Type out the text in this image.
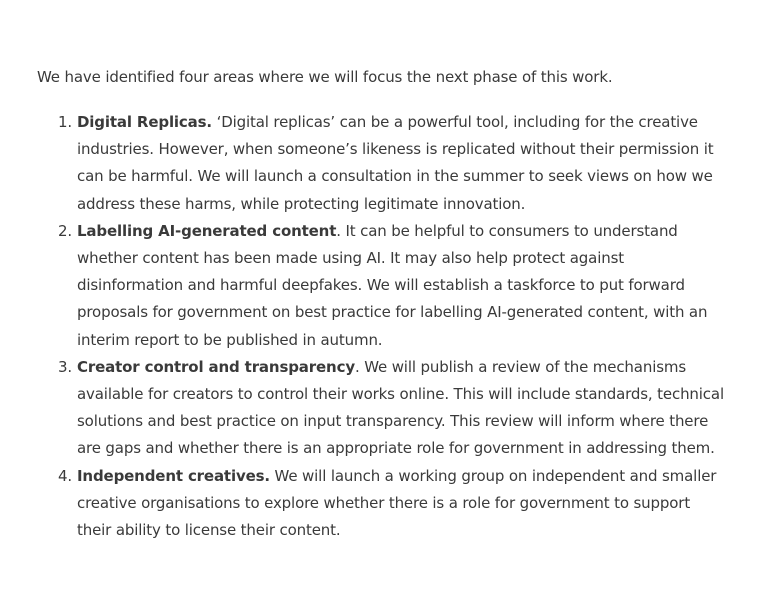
We have identified four areas where we will focus the next phase of this work.

1. Digital Replicas. ‘Digital replicas’ can be a powerful tool, including for the creative industries. However, when someone’s likeness is replicated without their permission it can be harmful. We will launch a consultation in the summer to seek views on how we address these harms, while protecting legitimate innovation.
2. Labelling AI-generated content. It can be helpful to consumers to understand whether content has been made using AI. It may also help protect against disinformation and harmful deepfakes. We will establish a taskforce to put forward proposals for government on best practice for labelling AI-generated content, with an interim report to be published in autumn.
3. Creator control and transparency. We will publish a review of the mechanisms available for creators to control their works online. This will include standards, technical solutions and best practice on input transparency. This review will inform where there are gaps and whether there is an appropriate role for government in addressing them.
4. Independent creatives. We will launch a working group on independent and smaller creative organisations to explore whether there is a role for government to support their ability to license their content.
